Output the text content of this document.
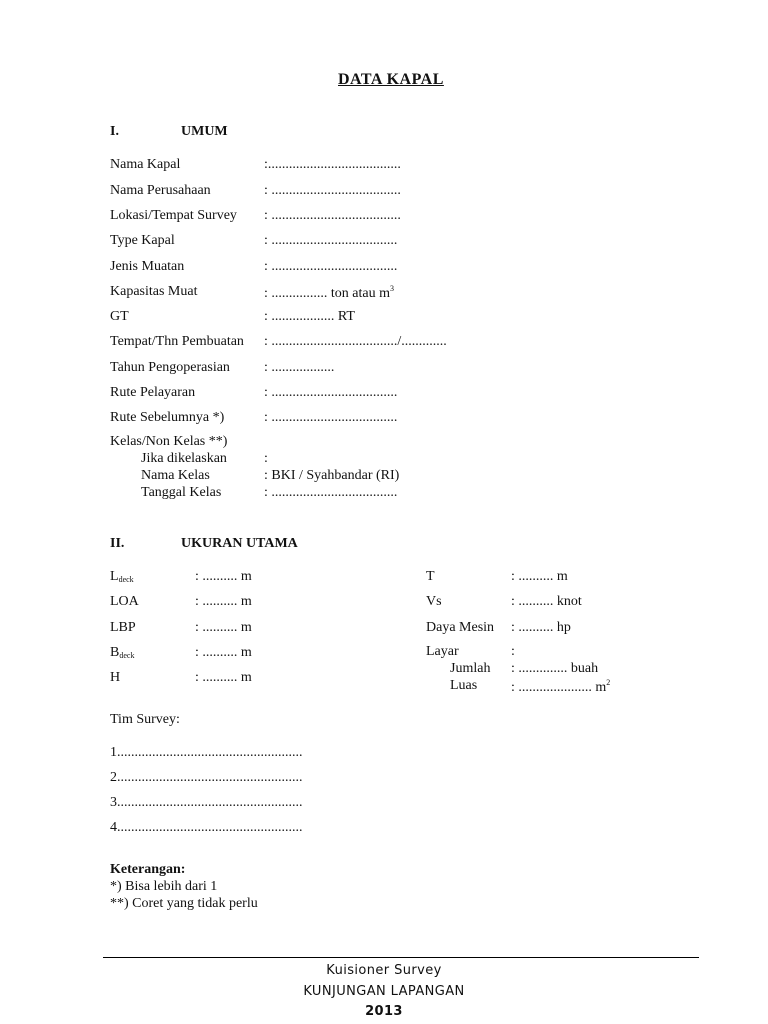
DATA KAPAL
I.	UMUM
Nama Kapal	:......................................
Nama Perusahaan	: .....................................
Lokasi/Tempat Survey : .....................................
Type Kapal	: ....................................
Jenis Muatan	: ....................................
Kapasitas Muat	: ................ ton atau $m^3$
GT	: .................. RT
Tempat/Thn Pembuatan : ..................................../.............
Tahun Pengoperasian : ..................
Rute Pelayaran	: ....................................
Rute Sebelumnya *)	: ....................................
Kelas/Non Kelas **)
Jika dikelaskan	:
Nama Kelas	: BKI / Syahbandar (RI)
Tanggal Kelas	: ....................................
II.	UKURAN UTAMA
$L_{deck}$	: .......... m
LOA	: .......... m
LBP	: .......... m
$B_{deck}$	: .......... m
H	: .......... m
T	: .......... m
Vs	: .......... knot
Daya Mesin : .......... hp
Layar	:
Jumlah : .............. buah
Luas : ..................... $m^2$
Tim Survey:
1.....................................................
2.....................................................
3.....................................................
4.....................................................
Keterangan:
*) Bisa lebih dari 1
**) Coret yang tidak perlu
Kuisioner Survey
KUNJUNGAN LAPANGAN
2013
